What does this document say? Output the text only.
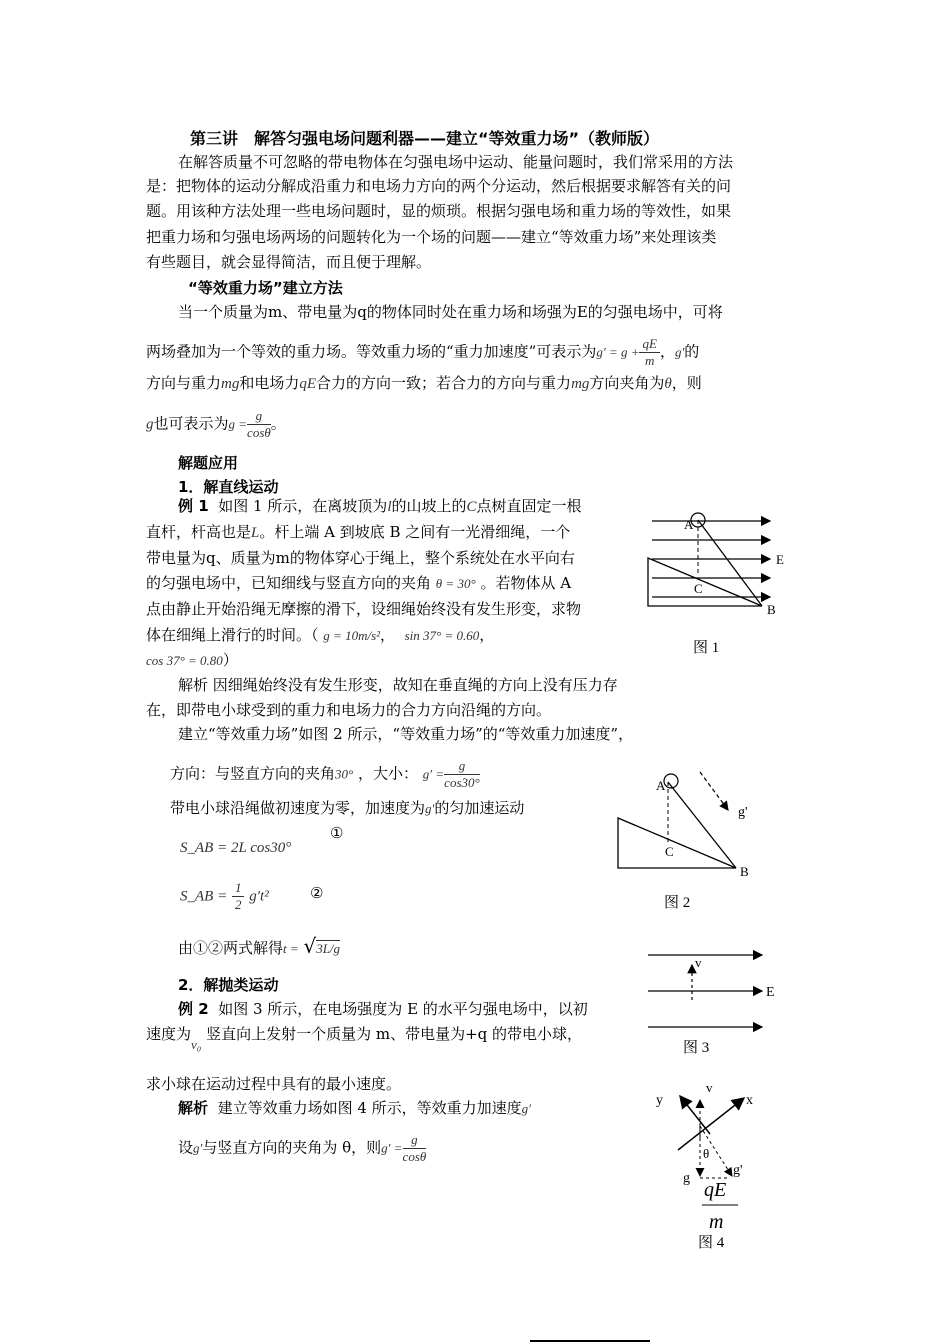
第三讲　解答匀强电场问题利器——建立“等效重力场”（教师版）
在解答质量不可忽略的带电物体在匀强电场中运动、能量问题时，我们常采用的方法
是：把物体的运动分解成沿重力和电场力方向的两个分运动，然后根据要求解答有关的问
题。用该种方法处理一些电场问题时，显的烦琐。根据匀强电场和重力场的等效性，如果
把重力场和匀强电场两场的问题转化为一个场的问题——建立“等效重力场”来处理该类
有些题目，就会显得简洁，而且便于理解。
“等效重力场”建立方法
当一个质量为m、带电量为q的物体同时处在重力场和场强为E的匀强电场中，可将
两场叠加为一个等效的重力场。等效重力场的“重力加速度”可表示为$g' = g + \frac{qE}{m}$ ，g′的
方向与重力mg和电场力qE合力的方向一致；若合力的方向与重力mg方向夹角为θ，则
g也可表示为$g = \frac{g}{\cos\theta}$ 。
解题应用
1．解直线运动
例 1 如图 1 所示，在离坡顶为l的山坡上的C点树直固定一根
直杆，杆高也是L。杆上端 A 到坡底 B 之间有一光滑细绳，一个
带电量为q、质量为m的物体穿心于绳上，整个系统处在水平向右
的匀强电场中，已知细线与竖直方向的夹角 θ = 30° 。若物体从 A
点由静止开始沿绳无摩擦的滑下，设细绳始终没有发生形变，求物
体在细绳上滑行的时间。（ g = 10m/s²，  sin 37° = 0.60，
cos 37° = 0.80）
解析 因细绳始终没有发生形变，故知在垂直绳的方向上没有压力存
在，即带电小球受到的重力和电场力的合力方向沿绳的方向。
建立“等效重力场”如图 2 所示，“等效重力场”的“等效重力加速度”，
方向：与竖直方向的夹角30° ，大小： $g' = \frac{g}{\cos 30^\circ}$
带电小球沿绳做初速度为零，加速度为g′的匀加速运动
S_AB = 2L cos30°
①
S_AB = $\frac{1}{2} g't^2$	②
由①②两式解得t = √3L/g
2．解抛类运动
例 2 如图 3 所示，在电场强度为 E 的水平匀强电场中，以初
速度为v₀ 竖直向上发射一个质量为 m、带电量为+q 的带电小球，
求小球在运动过程中具有的最小速度。
解析 建立等效重力场如图 4 所示，等效重力加速度g′
设g′与竖直方向的夹角为 θ，则$g' = \frac{g}{\cos\theta}$
A
C
B
E
图 1
A
C
B
g'
图 2
v
E
图 3
v
y	x
θ
g
g'
qE
m
图 4
